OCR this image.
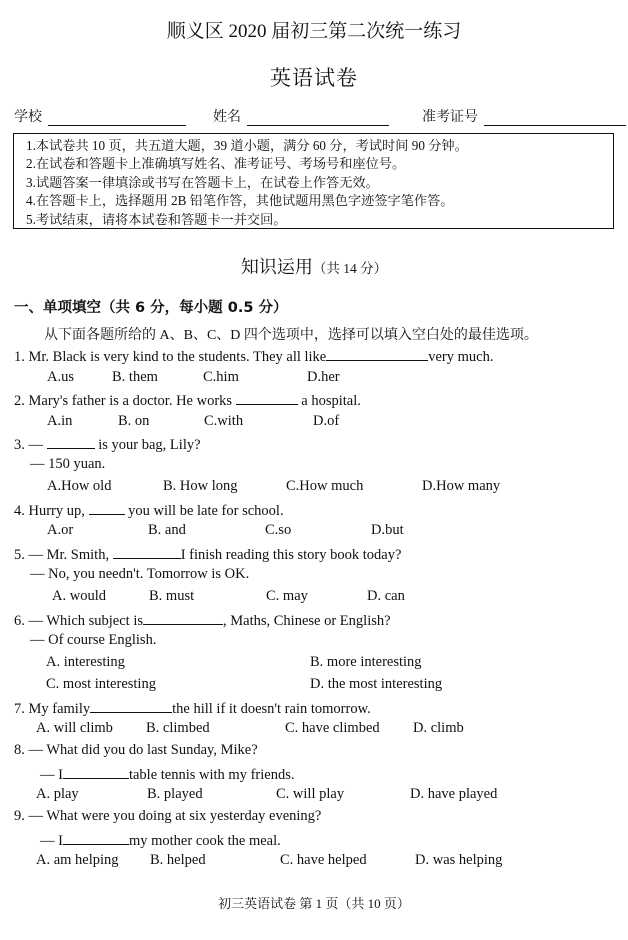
顺义区 2020 届初三第二次统一练习
英语试卷
学校	姓名	准考证号
1.本试卷共 10 页，共五道大题，39 道小题，满分 60 分，考试时间 90 分钟。
2.在试卷和答题卡上准确填写姓名、准考证号、考场号和座位号。
3.试题答案一律填涂或书写在答题卡上，在试卷上作答无效。
4.在答题卡上，选择题用 2B 铅笔作答，其他试题用黑色字迹签字笔作答。
5.考试结束，请将本试卷和答题卡一并交回。
知识运用（共 14 分）
一、单项填空（共 6 分，每小题 0.5 分）
从下面各题所给的 A、B、C、D 四个选项中，选择可以填入空白处的最佳选项。
1. Mr. Black is very kind to the students. They all like	very much.
A.us	B. them	C.him	D.her
2. Mary's father is a doctor. He works	a hospital.
A.in	B. on	C.with	D.of
3. —	is your bag, Lily?
— 150 yuan.
A.How old	B. How long	C.How much	D.How many
4. Hurry up,	you will be late for school.
A.or	B. and	C.so	D.but
5. — Mr. Smith,	I finish reading this story book today?
— No, you needn't. Tomorrow is OK.
A. would	B. must	C. may	D. can
6. — Which subject is	, Maths, Chinese or English?
— Of course English.
A. interesting	B. more interesting
C. most interesting	D. the most interesting
7. My family	the hill if it doesn't rain tomorrow.
A. will climb B. climbed	C. have climbed D. climb
8. — What did you do last Sunday, Mike?
— I	table tennis with my friends.
A. play	B. played	C. will play	D. have played
9. — What were you doing at six yesterday evening?
— I	my mother cook the meal.
A. am helping B. helped	C. have helped	D. was helping
初三英语试卷 第 1 页（共 10 页）
